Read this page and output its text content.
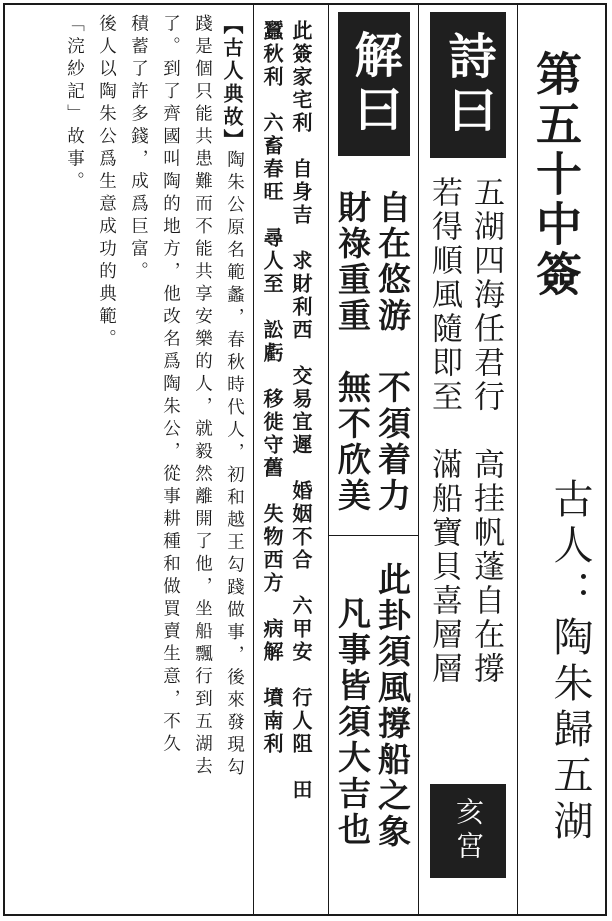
第五十中簽
古人：陶朱歸五湖
詩曰
五湖四海任君行　高挂帆蓬自在撐
若得順風隨即至　滿船寶貝喜層層
亥宮
解曰
自在悠游　不須着力
財祿重重　無不欣美
此卦須風撐船之象
凡事皆須大吉也
此簽家宅利　自身吉　求財利西　交易宜遲　婚姻不合　六甲安　行人阻　田
蠶秋利　六畜春旺　尋人至　訟虧　移徙守舊　失物西方　病解　墳南利
【古人典故】
陶朱公原名範蠡，春秋時代人，初和越王勾踐做事，後來發現勾
踐是個只能共患難而不能共享安樂的人，就毅然離開了他，坐船飄行到五湖去
了。到了齊國叫陶的地方，他改名爲陶朱公，從事耕種和做買賣生意，不久
積蓄了許多錢，成爲巨富。
後人以陶朱公爲生意成功的典範。
「浣紗記」故事。
